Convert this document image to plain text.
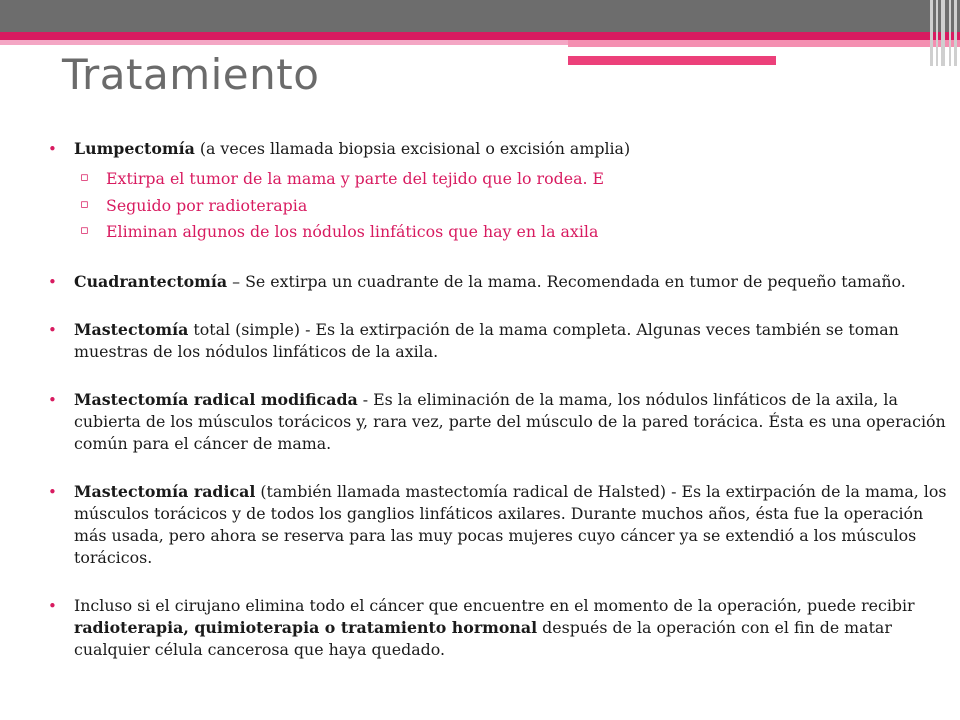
Tratamiento
• Lumpectomía (a veces llamada biopsia excisional o excisión amplia)
▫ Extirpa el tumor de la mama y parte del tejido que lo rodea. E
▫ Seguido por radioterapia
▫ Eliminan algunos de los nódulos linfáticos que hay en la axila
• Cuadrantectomía – Se extirpa un cuadrante de la mama. Recomendada en tumor de pequeño tamaño.
• Mastectomía total (simple) - Es la extirpación de la mama completa. Algunas veces también se toman muestras de los nódulos linfáticos de la axila.
• Mastectomía radical modificada - Es la eliminación de la mama, los nódulos linfáticos de la axila, la cubierta de los músculos torácicos y, rara vez, parte del músculo de la pared torácica. Ésta es una operación común para el cáncer de mama.
• Mastectomía radical (también llamada mastectomía radical de Halsted) - Es la extirpación de la mama, los músculos torácicos y de todos los ganglios linfáticos axilares. Durante muchos años, ésta fue la operación más usada, pero ahora se reserva para las muy pocas mujeres cuyo cáncer ya se extendió a los músculos torácicos.
• Incluso si el cirujano elimina todo el cáncer que encuentre en el momento de la operación, puede recibir radioterapia, quimioterapia o tratamiento hormonal después de la operación con el fin de matar cualquier célula cancerosa que haya quedado.
